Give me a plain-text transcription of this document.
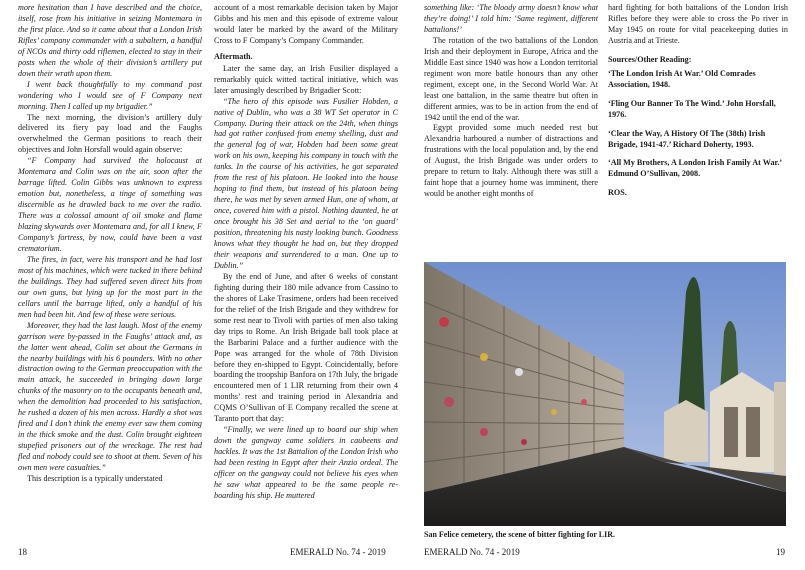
more hesitation than I have described and the choice, itself, rose from his initiative in seizing Montemara in the first place. And so it came about that a London Irish Rifles’ company commander with a subaltern, a handful of NCOs and thirty odd riflemen, elected to stay in their posts when the whole of their division’s artillery put down their wrath upon them.

I went back thoughtfully to my command post wondering who I would see of F Company next morning. Then I called up my brigadier.”

The next morning, the division’s artillery duly delivered its fiery pay load and the Faughs overwhelmed the German positions to reach their objectives and John Horsfall would again observe:

“F Company had survived the holocaust at Montemara and Colin was on the air, soon after the barrage lifted. Colin Gibbs was unknown to express emotion but, nonetheless, a tinge of something was discernible as he drawled back to me over the radio. There was a colossal amount of oil smoke and flame blazing skywards over Montemara and, for all I knew, F Company’s fortress, by now, could have been a vast crematorium.

The fires, in fact, were his transport and he had lost most of his machines, which were tucked in there behind the buildings. They had suffered seven direct hits from our own guns, but lying up for the most part in the cellars until the barrage lifted, only a handful of his men had been hit. And few of these were serious.

Moreover, they had the last laugh. Most of the enemy garrison were by-passed in the Faughs’ attack and, as the latter went ahead, Colin set about the Germans in the nearby buildings with his 6 pounders. With no other distraction owing to the German preoccupation with the main attack, he succeeded in bringing down large chunks of the masonry on to the occupants beneath and, when the demolition had proceeded to his satisfaction, he rushed a dozen of his men across. Hardly a shot was fired and I don’t think the enemy ever saw them coming in the thick smoke and the dust. Colin brought eighteen stupefied prisoners out of the wreckage. The rest had fled and nobody could see to shoot at them. Seven of his own men were casualties.”

This description is a typically understated

account of a most remarkable decision taken by Major Gibbs and his men and this episode of extreme valour would later be marked by the award of the Military Cross to F Company’s Company Commander.

Aftermath.

Later the same day, an Irish Fusilier displayed a remarkably quick witted tactical initiative, which was later amusingly described by Brigadier Scott:

“The hero of this episode was Fusilier Hobden, a native of Dublin, who was a 38 WT Set operator in C Company. During their attack on the 24th, when things had got rather confused from enemy shelling, dust and the general fog of war, Hobden had been some great work on his own, keeping his company in touch with the tanks. In the course of his activities, he got separated from the rest of his platoon. He looked into the house hoping to find them, but instead of his platoon being there, he was met by seven armed Hun, one of whom, at once, covered him with a pistol. Nothing daunted, he at once brought his 38 Set and aerial to the ‘on guard’ position, threatening his nasty looking bunch. Goodness knows what they thought he had on, but they dropped their weapons and surrendered to a man. One up to Dublin.”

By the end of June, and after 6 weeks of constant fighting during their 180 mile advance from Cassino to the shores of Lake Trasimene, orders had been received for the relief of the Irish Brigade and they withdrew for some rest near to Tivoli with parties of men also taking day trips to Rome. An Irish Brigade ball took place at the Barbarini Palace and a further audience with the Pope was arranged for the whole of 78th Division before they en-shipped to Egypt. Coincidentally, before boarding the troopship Banfora on 17th July, the brigade encountered men of 1 LIR returning from their own 4 months’ rest and training period in Alexandria and CQMS O’Sullivan of E Company recalled the scene at Taranto port that day:

“Finally, we were lined up to board our ship when down the gangway came soldiers in caubeens and hackles. It was the 1st Battalion of the London Irish who had been resting in Egypt after their Anzio ordeal. The officer on the gangway could not believe his eyes when he saw what appeared to be the same people re-boarding his ship. He muttered

something like: ‘The bloody army doesn’t know what they’re doing!’ I told him: ‘Same regiment, different battalions!’

The rotation of the two battalions of the London Irish and their deployment in Europe, Africa and the Middle East since 1940 was how a London territorial regiment won more battle honours than any other regiment, except one, in the Second World War. At least one battalion, in the same theatre but often in different armies, was to be in action from the end of 1942 until the end of the war.

Egypt provided some much needed rest but Alexandria harboured a number of distractions and frustrations with the local population and, by the end of August, the Irish Brigade was under orders to prepare to return to Italy. Although there was still a faint hope that a journey home was imminent, there would be another eight months of

hard fighting for both battalions of the London Irish Rifles before they were able to cross the Po river in May 1945 on route for vital peacekeeping duties in Austria and at Trieste.

Sources/Other Reading:

‘The London Irish At War.’ Old Comrades Association, 1948.

‘Fling Our Banner To The Wind.’ John Horsfall, 1976.

‘Clear the Way, A History Of The (38th) Irish Brigade, 1941-47.’ Richard Doherty, 1993.

‘All My Brothers, A London Irish Family At War.’ Edmund O’Sullivan, 2008.

ROS.

San Felice cemetery, the scene of bitter fighting for LIR.
18	EMERALD No. 74 - 2019	EMERALD No. 74 - 2019	19
